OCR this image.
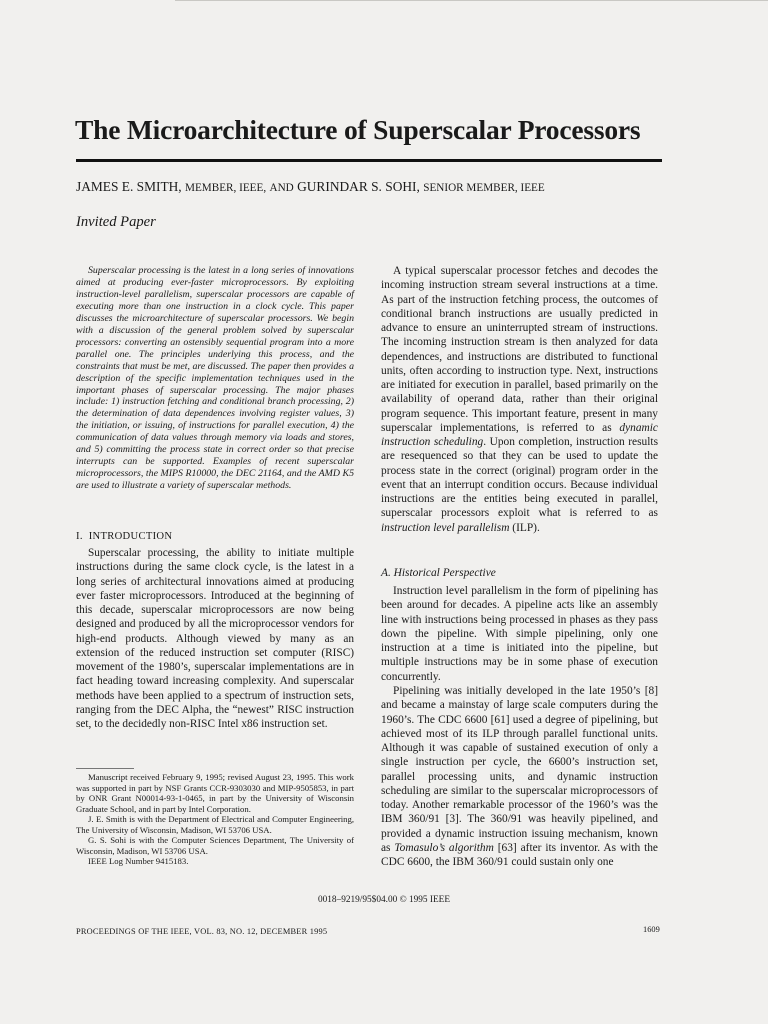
The Microarchitecture of Superscalar Processors
JAMES E. SMITH, MEMBER, IEEE, AND GURINDAR S. SOHI, SENIOR MEMBER, IEEE
Invited Paper
Superscalar processing is the latest in a long series of innovations aimed at producing ever-faster microprocessors. By exploiting instruction-level parallelism, superscalar processors are capable of executing more than one instruction in a clock cycle. This paper discusses the microarchitecture of superscalar processors. We begin with a discussion of the general problem solved by superscalar processors: converting an ostensibly sequential program into a more parallel one. The principles underlying this process, and the constraints that must be met, are discussed. The paper then provides a description of the specific implementation techniques used in the important phases of superscalar processing. The major phases include: 1) instruction fetching and conditional branch processing, 2) the determination of data dependences involving register values, 3) the initiation, or issuing, of instructions for parallel execution, 4) the communication of data values through memory via loads and stores, and 5) committing the process state in correct order so that precise interrupts can be supported. Examples of recent superscalar microprocessors, the MIPS R10000, the DEC 21164, and the AMD K5 are used to illustrate a variety of superscalar methods.
I. INTRODUCTION
Superscalar processing, the ability to initiate multiple instructions during the same clock cycle, is the latest in a long series of architectural innovations aimed at producing ever faster microprocessors. Introduced at the beginning of this decade, superscalar microprocessors are now being designed and produced by all the microprocessor vendors for high-end products. Although viewed by many as an extension of the reduced instruction set computer (RISC) movement of the 1980’s, superscalar implementations are in fact heading toward increasing complexity. And superscalar methods have been applied to a spectrum of instruction sets, ranging from the DEC Alpha, the “newest” RISC instruction set, to the decidedly non-RISC Intel x86 instruction set.

Manuscript received February 9, 1995; revised August 23, 1995. This work was supported in part by NSF Grants CCR-9303030 and MIP-9505853, in part by ONR Grant N00014-93-1-0465, in part by the University of Wisconsin Graduate School, and in part by Intel Corporation.

J. E. Smith is with the Department of Electrical and Computer Engineering, The University of Wisconsin, Madison, WI 53706 USA.

G. S. Sohi is with the Computer Sciences Department, The University of Wisconsin, Madison, WI 53706 USA.

IEEE Log Number 9415183.

A typical superscalar processor fetches and decodes the incoming instruction stream several instructions at a time. As part of the instruction fetching process, the outcomes of conditional branch instructions are usually predicted in advance to ensure an uninterrupted stream of instructions. The incoming instruction stream is then analyzed for data dependences, and instructions are distributed to functional units, often according to instruction type. Next, instructions are initiated for execution in parallel, based primarily on the availability of operand data, rather than their original program sequence. This important feature, present in many superscalar implementations, is referred to as dynamic instruction scheduling. Upon completion, instruction results are resequenced so that they can be used to update the process state in the correct (original) program order in the event that an interrupt condition occurs. Because individual instructions are the entities being executed in parallel, superscalar processors exploit what is referred to as instruction level parallelism (ILP).
A. Historical Perspective
Instruction level parallelism in the form of pipelining has been around for decades. A pipeline acts like an assembly line with instructions being processed in phases as they pass down the pipeline. With simple pipelining, only one instruction at a time is initiated into the pipeline, but multiple instructions may be in some phase of execution concurrently.
Pipelining was initially developed in the late 1950’s [8] and became a mainstay of large scale computers during the 1960’s. The CDC 6600 [61] used a degree of pipelining, but achieved most of its ILP through parallel functional units. Although it was capable of sustained execution of only a single instruction per cycle, the 6600’s instruction set, parallel processing units, and dynamic instruction scheduling are similar to the superscalar microprocessors of today. Another remarkable processor of the 1960’s was the IBM 360/91 [3]. The 360/91 was heavily pipelined, and provided a dynamic instruction issuing mechanism, known as Tomasulo’s algorithm [63] after its inventor. As with the CDC 6600, the IBM 360/91 could sustain only one
0018–9219/95$04.00 © 1995 IEEE
PROCEEDINGS OF THE IEEE, VOL. 83, NO. 12, DECEMBER 1995	1609
